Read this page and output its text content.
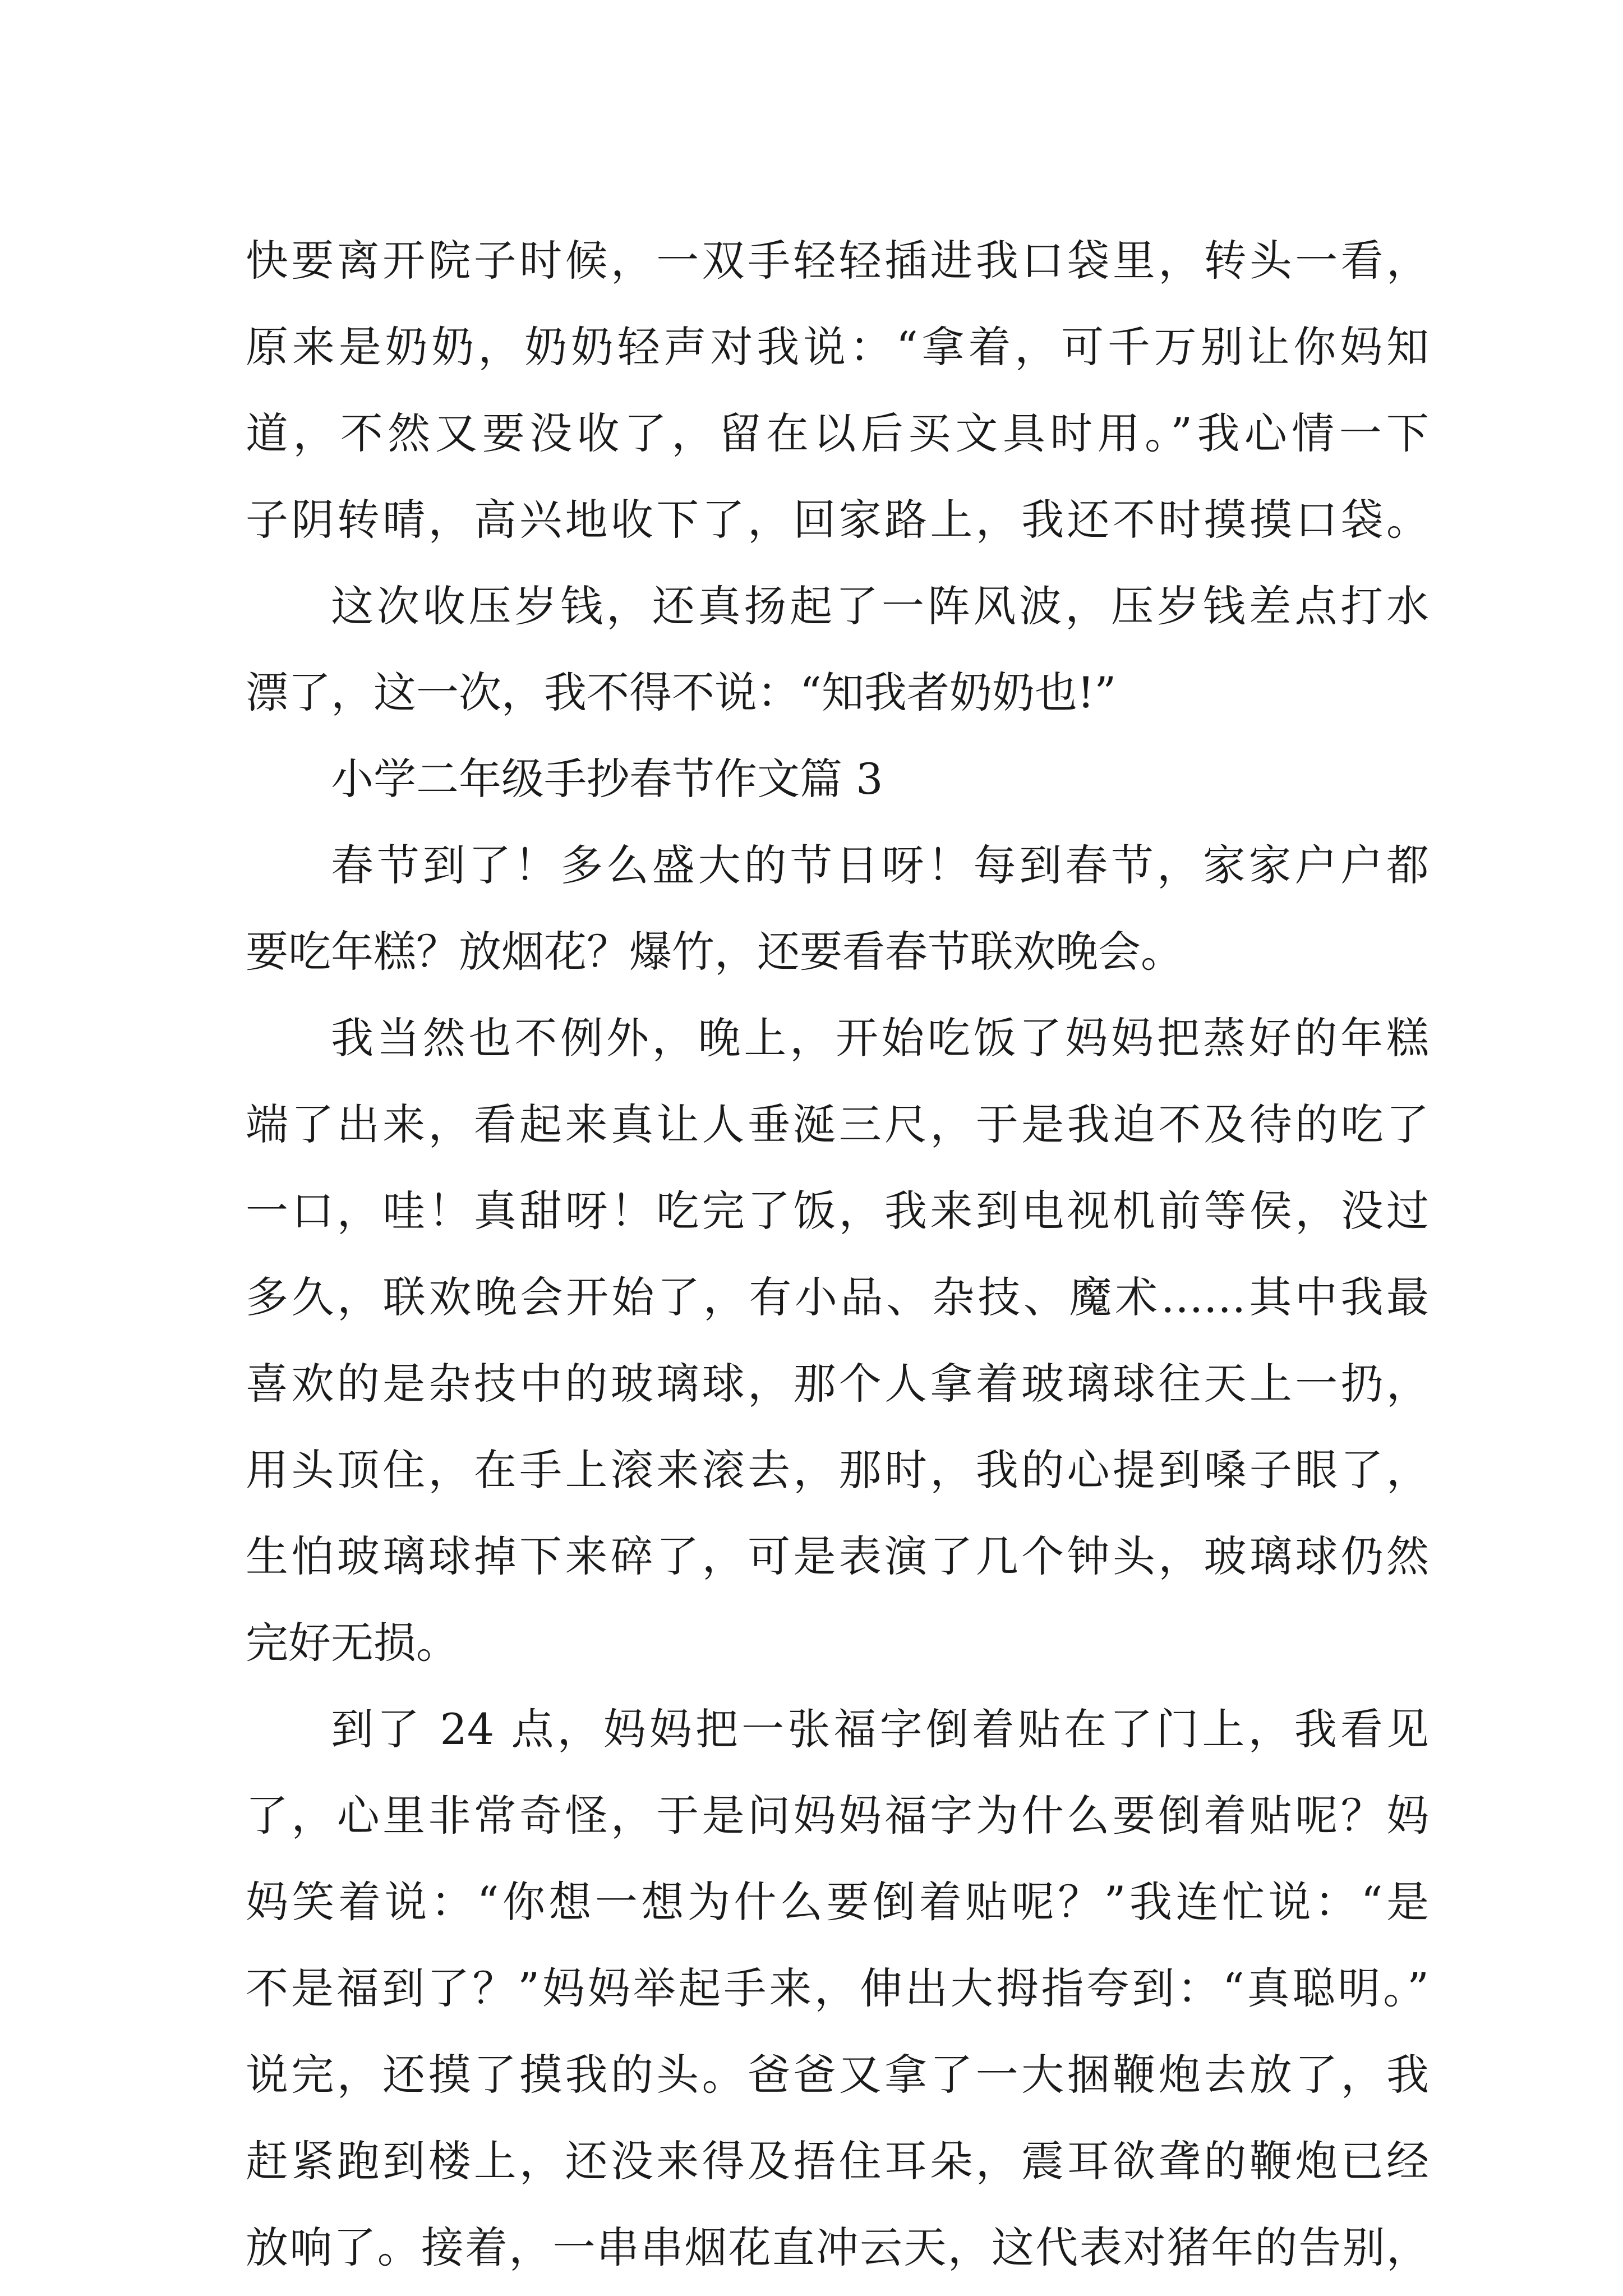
快要离开院子时候，一双手轻轻插进我口袋里，转头一看，
原来是奶奶，奶奶轻声对我说：“拿着，可千万别让你妈知
道，不然又要没收了，留在以后买文具时用。”我心情一下
子阴转晴，高兴地收下了，回家路上，我还不时摸摸口袋。
这次收压岁钱，还真扬起了一阵风波，压岁钱差点打水
漂了，这一次，我不得不说：“知我者奶奶也!”
小学二年级手抄春节作文篇 3
春节到了！多么盛大的节日呀！每到春节，家家户户都
要吃年糕？放烟花？爆竹，还要看春节联欢晚会。
我当然也不例外，晚上，开始吃饭了妈妈把蒸好的年糕
端了出来，看起来真让人垂涎三尺，于是我迫不及待的吃了
一口，哇！真甜呀！吃完了饭，我来到电视机前等侯，没过
多久，联欢晚会开始了，有小品、杂技、魔术……其中我最
喜欢的是杂技中的玻璃球，那个人拿着玻璃球往天上一扔，
用头顶住，在手上滚来滚去，那时，我的心提到嗓子眼了，
生怕玻璃球掉下来碎了，可是表演了几个钟头，玻璃球仍然
完好无损。
到了 24 点，妈妈把一张福字倒着贴在了门上，我看见
了，心里非常奇怪，于是问妈妈福字为什么要倒着贴呢？妈
妈笑着说：“你想一想为什么要倒着贴呢？”我连忙说：“是
不是福到了？”妈妈举起手来，伸出大拇指夸到：“真聪明。”
说完，还摸了摸我的头。爸爸又拿了一大捆鞭炮去放了，我
赶紧跑到楼上，还没来得及捂住耳朵，震耳欲聋的鞭炮已经
放响了。接着，一串串烟花直冲云天，这代表对猪年的告别，
